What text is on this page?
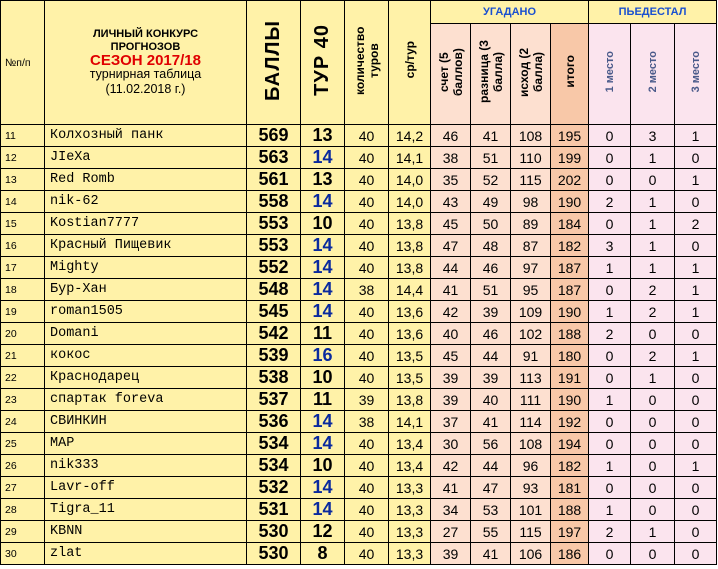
№п/п	ЛИЧНЫЙ КОНКУРС
ПРОГНОЗОВ
СЕЗОН 2017/18
турнирная таблица
(11.02.2018 г.)	БАЛЛЫ	ТУР 40	количество туров	ср/тур	УГАДАНО				ПЬЕДЕСТАЛ		
						счет (5 баллов)	разница (3 балла)	исход (2 балла)	итого	1 место	2 место	3 место
11	Колхозный панк	569	13	40	14,2	46	41	108	195	0	3	1
12	JIеXа	563	14	40	14,1	38	51	110	199	0	1	0
13	Red Romb	561	13	40	14,0	35	52	115	202	0	0	1
14	nik-62	558	14	40	14,0	43	49	98	190	2	1	0
15	Kostian7777	553	10	40	13,8	45	50	89	184	0	1	2
16	Красный Пищевик	553	14	40	13,8	47	48	87	182	3	1	0
17	Mighty	552	14	40	13,8	44	46	97	187	1	1	1
18	Бур-Хан	548	14	38	14,4	41	51	95	187	0	2	1
19	roman1505	545	14	40	13,6	42	39	109	190	1	2	1
20	Domani	542	11	40	13,6	40	46	102	188	2	0	0
21	кокос	539	16	40	13,5	45	44	91	180	0	2	1
22	Краснодарец	538	10	40	13,5	39	39	113	191	0	1	0
23	спартак foreva	537	11	39	13,8	39	40	111	190	1	0	0
24	СВИНКИН	536	14	38	14,1	37	41	114	192	0	0	0
25	MAP	534	14	40	13,4	30	56	108	194	0	0	0
26	nik333	534	10	40	13,4	42	44	96	182	1	0	1
27	Lavr-off	532	14	40	13,3	41	47	93	181	0	0	0
28	Tigra_11	531	14	40	13,3	34	53	101	188	1	0	0
29	KBNN	530	12	40	13,3	27	55	115	197	2	1	0
30	zlat	530	8	40	13,3	39	41	106	186	0	0	0
